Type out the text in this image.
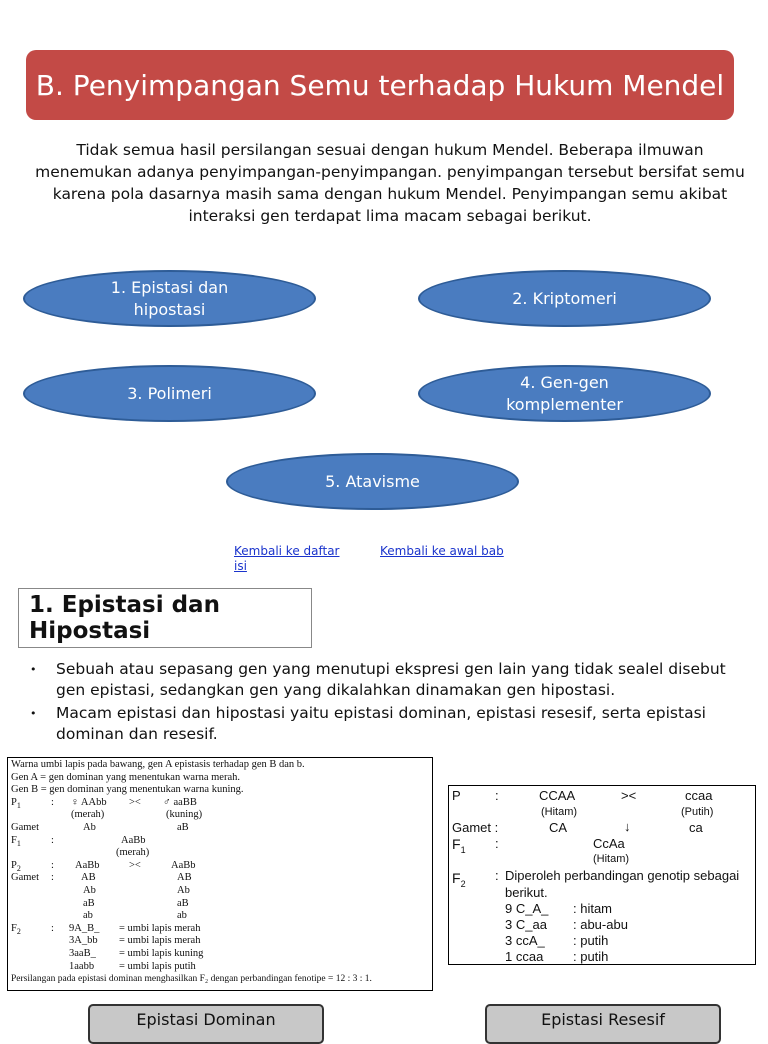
B. Penyimpangan Semu terhadap Hukum Mendel
Tidak semua hasil persilangan sesuai dengan hukum Mendel. Beberapa ilmuwan menemukan adanya penyimpangan-penyimpangan. penyimpangan tersebut bersifat semu karena pola dasarnya masih sama dengan hukum Mendel. Penyimpangan semu akibat interaksi gen terdapat lima macam sebagai berikut.
1. Epistasi dan hipostasi
2. Kriptomeri
3. Polimeri
4. Gen-gen komplementer
5. Atavisme
Kembali ke daftar isi
Kembali ke awal bab
1. Epistasi dan Hipostasi
• Sebuah atau sepasang gen yang menutupi ekspresi gen lain yang tidak sealel disebut gen epistasi, sedangkan gen yang dikalahkan dinamakan gen hipostasi.
• Macam epistasi dan hipostasi yaitu epistasi dominan, epistasi resesif, serta epistasi dominan dan resesif.
Warna umbi lapis pada bawang, gen A epistasis terhadap gen B dan b.
Gen A = gen dominan yang menentukan warna merah.
Gen B = gen dominan yang menentukan warna kuning.
$P_1$	: ♀ AAbb >< ♂ aaBB
(merah)	(kuning)
Gamet	Ab	aB
$F_1$	:	AaBb
(merah)
$P_2$	: AaBb	><	AaBb
Gamet :	AB	AB
Ab	Ab
aB	aB
ab	ab
$F_2$	: 9A_B_ = umbi lapis merah
3A_bb = umbi lapis merah
3aaB_ = umbi lapis kuning
1aabb = umbi lapis putih
Persilangan pada epistasi dominan menghasilkan F₂ dengan perbandingan fenotipe = 12 : 3 : 1.
P	:	CCAA	><	ccaa
(Hitam)	(Putih)
Gamet :	CA	↓	ca
$F_1$ :	CcAa
(Hitam)
$F_2$
: Diperoleh perbandingan genotip sebagai
berikut.
9 C_A_ : hitam
3 C_aa : abu-abu
3 ccA_ : putih
1 ccaa : putih
Epistasi Dominan	Epistasi Resesif
